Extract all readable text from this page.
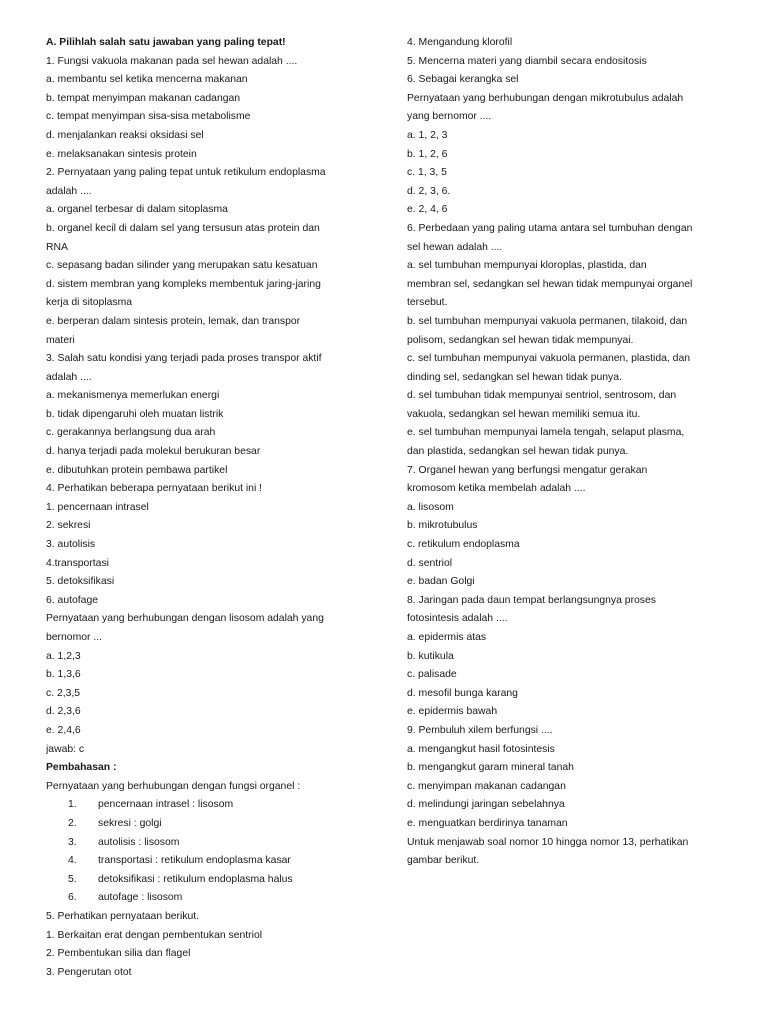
A. Pilihlah salah satu jawaban yang paling tepat!
1. Fungsi vakuola makanan pada sel hewan adalah ....
a. membantu sel ketika mencerna makanan
b. tempat menyimpan makanan cadangan
c. tempat menyimpan sisa-sisa metabolisme
d. menjalankan reaksi oksidasi sel
e. melaksanakan sintesis protein
2. Pernyataan yang paling tepat untuk retikulum endoplasma
adalah ....
a. organel terbesar di dalam sitoplasma
b. organel kecil di dalam sel yang tersusun atas protein dan
RNA
c. sepasang badan silinder yang merupakan satu kesatuan
d. sistem membran yang kompleks membentuk jaring-jaring
kerja di sitoplasma
e. berperan dalam sintesis protein, lemak, dan transpor
materi
3. Salah satu kondisi yang terjadi pada proses transpor aktif
adalah ....
a. mekanismenya memerlukan energi
b. tidak dipengaruhi oleh muatan listrik
c. gerakannya berlangsung dua arah
d. hanya terjadi pada molekul berukuran besar
e. dibutuhkan protein pembawa partikel
4. Perhatikan beberapa pernyataan berikut ini !
1. pencernaan intrasel
2. sekresi
3. autolisis
4.transportasi
5. detoksifikasi
6. autofage
Pernyataan yang berhubungan dengan lisosom adalah yang
bernomor ...
a. 1,2,3
b. 1,3,6
c. 2,3,5
d. 2,3,6
e. 2,4,6
jawab: c
Pembahasan :
Pernyataan yang berhubungan dengan fungsi organel :
1. pencernaan intrasel : lisosom
2. sekresi : golgi
3. autolisis : lisosom
4. transportasi : retikulum endoplasma kasar
5. detoksifikasi : retikulum endoplasma halus
6. autofage : lisosom
5. Perhatikan pernyataan berikut.
1. Berkaitan erat dengan pembentukan sentriol
2. Pembentukan silia dan flagel
3. Pengerutan otot
4. Mengandung klorofil
5. Mencerna materi yang diambil secara endositosis
6. Sebagai kerangka sel
Pernyataan yang berhubungan dengan mikrotubulus adalah
yang bernomor ....
a. 1, 2, 3
b. 1, 2, 6
c. 1, 3, 5
d. 2, 3, 6.
e. 2, 4, 6
6. Perbedaan yang paling utama antara sel tumbuhan dengan
sel hewan adalah ....
a. sel tumbuhan mempunyai kloroplas, plastida, dan
membran sel, sedangkan sel hewan tidak mempunyai organel
tersebut.
b. sel tumbuhan mempunyai vakuola permanen, tilakoid, dan
polisom, sedangkan sel hewan tidak mempunyai.
c. sel tumbuhan mempunyai vakuola permanen, plastida, dan
dinding sel, sedangkan sel hewan tidak punya.
d. sel tumbuhan tidak mempunyai sentriol, sentrosom, dan
vakuola, sedangkan sel hewan memiliki semua itu.
e. sel tumbuhan mempunyai lamela tengah, selaput plasma,
dan plastida, sedangkan sel hewan tidak punya.
7. Organel hewan yang berfungsi mengatur gerakan
kromosom ketika membelah adalah ....
a. lisosom
b. mikrotubulus
c. retikulum endoplasma
d. sentriol
e. badan Golgi
8. Jaringan pada daun tempat berlangsungnya proses
fotosintesis adalah ....
a. epidermis atas
b. kutikula
c. palisade
d. mesofil bunga karang
e. epidermis bawah
9. Pembuluh xilem berfungsi ....
a. mengangkut hasil fotosintesis
b. mengangkut garam mineral tanah
c. menyimpan makanan cadangan
d. melindungi jaringan sebelahnya
e. menguatkan berdirinya tanaman
Untuk menjawab soal nomor 10 hingga nomor 13, perhatikan
gambar berikut.
